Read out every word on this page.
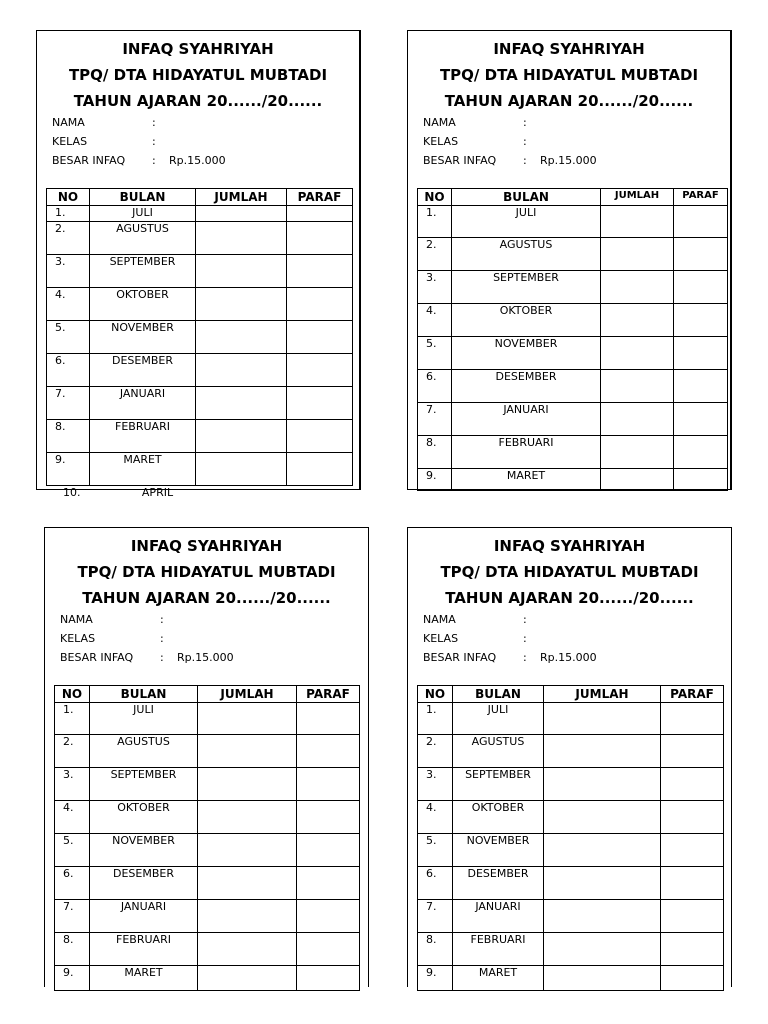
INFAQ SYAHRIYAH
TPQ/ DTA HIDAYATUL MUBTADI
TAHUN AJARAN 20....../20......
NAMA	:
KELAS	:
BESAR INFAQ	:	Rp.15.000
NO	BULAN	JUMLAH	PARAF
1.	JULI		
2.	AGUSTUS		
3.	SEPTEMBER		
4.	OKTOBER		
5.	NOVEMBER		
6.	DESEMBER		
7.	JANUARI		
8.	FEBRUARI		
9.	MARET		
10.	APRIL
INFAQ SYAHRIYAH
TPQ/ DTA HIDAYATUL MUBTADI
TAHUN AJARAN 20....../20......
NAMA	:
KELAS	:
BESAR INFAQ	:	Rp.15.000
NO	BULAN	JUMLAH	PARAF
1.	JULI		
2.	AGUSTUS		
3.	SEPTEMBER		
4.	OKTOBER		
5.	NOVEMBER		
6.	DESEMBER		
7.	JANUARI		
8.	FEBRUARI		
9.	MARET		
INFAQ SYAHRIYAH
TPQ/ DTA HIDAYATUL MUBTADI
TAHUN AJARAN 20....../20......
NAMA	:
KELAS	:
BESAR INFAQ	:	Rp.15.000
NO	BULAN	JUMLAH	PARAF
1.	JULI		
2.	AGUSTUS		
3.	SEPTEMBER		
4.	OKTOBER		
5.	NOVEMBER		
6.	DESEMBER		
7.	JANUARI		
8.	FEBRUARI		
9.	MARET		
INFAQ SYAHRIYAH
TPQ/ DTA HIDAYATUL MUBTADI
TAHUN AJARAN 20....../20......
NAMA	:
KELAS	:
BESAR INFAQ	:	Rp.15.000
NO	BULAN	JUMLAH	PARAF
1.	JULI		
2.	AGUSTUS		
3.	SEPTEMBER		
4.	OKTOBER		
5.	NOVEMBER		
6.	DESEMBER		
7.	JANUARI		
8.	FEBRUARI		
9.	MARET		
